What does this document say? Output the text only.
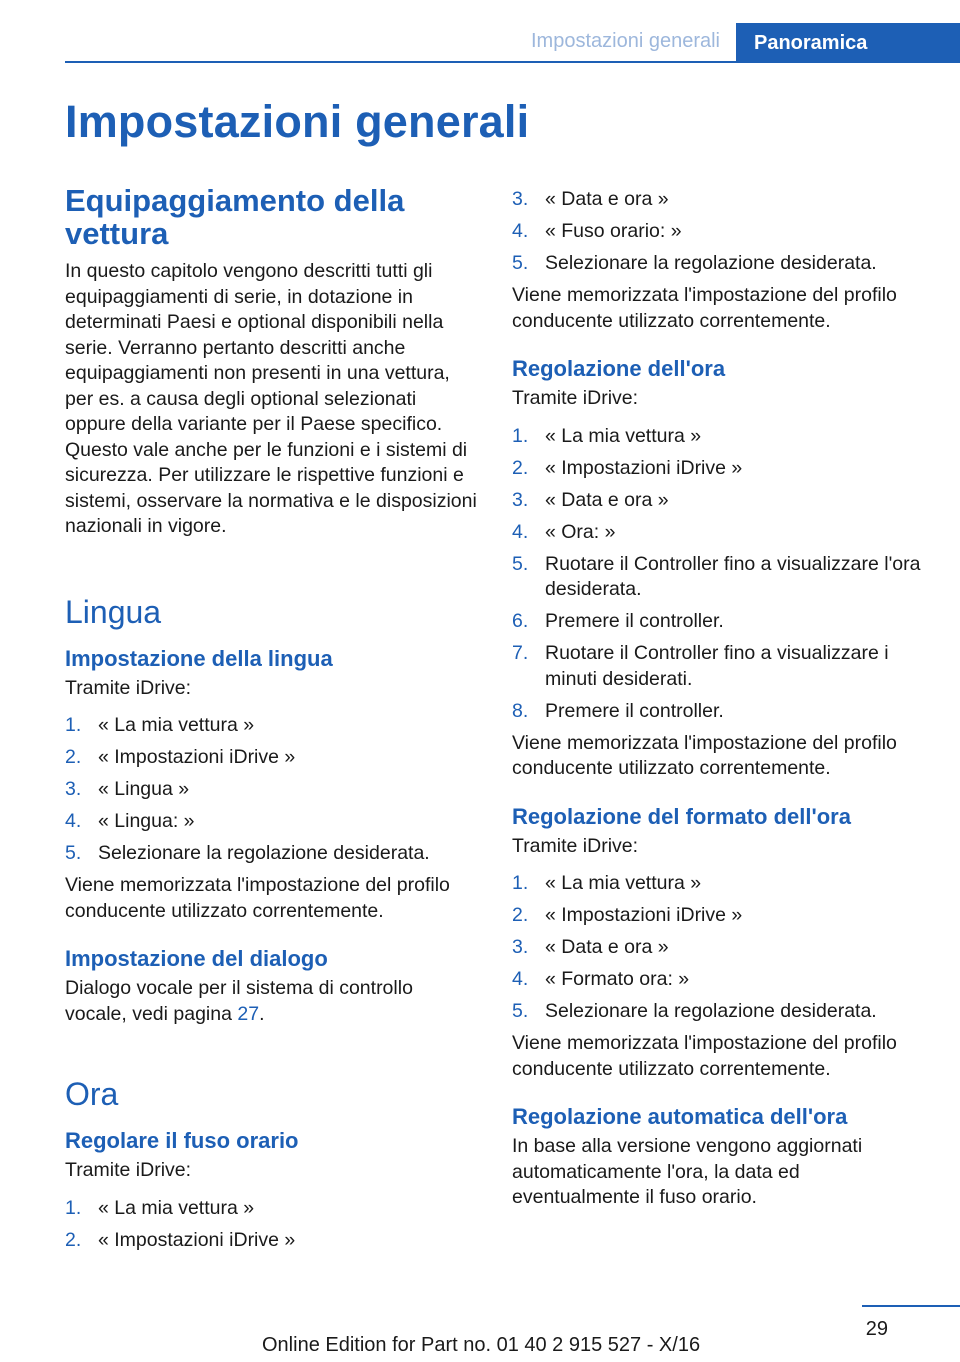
Impostazioni generali	Panoramica
Impostazioni generali
Equipaggiamento della vettura

In questo capitolo vengono descritti tutti gli equipaggiamenti di serie, in dotazione in determinati Paesi e optional disponibili nella serie. Verranno pertanto descritti anche equipaggiamenti non presenti in una vettura, per es. a causa degli optional selezionati oppure della variante per il Paese specifico. Questo vale anche per le funzioni e i sistemi di sicurezza. Per utilizzare le rispettive funzioni e sistemi, osservare la normativa e le disposizioni nazionali in vigore.

Lingua
Impostazione della lingua

Tramite iDrive:

1. « La mia vettura »
2. « Impostazioni iDrive »
3. « Lingua »
4. « Lingua: »
5. Selezionare la regolazione desiderata.

Viene memorizzata l'impostazione del profilo conducente utilizzato correntemente.

Impostazione del dialogo

Dialogo vocale per il sistema di controllo vocale, vedi pagina 27.

Ora
Regolare il fuso orario

Tramite iDrive:

1. « La mia vettura »
2. « Impostazioni iDrive »
3. « Data e ora »
4. « Fuso orario: »
5. Selezionare la regolazione desiderata.

Viene memorizzata l'impostazione del profilo conducente utilizzato correntemente.

Regolazione dell'ora

Tramite iDrive:

1. « La mia vettura »
2. « Impostazioni iDrive »
3. « Data e ora »
4. « Ora: »
5. Ruotare il Controller fino a visualizzare l'ora desiderata.
6. Premere il controller.
7. Ruotare il Controller fino a visualizzare i minuti desiderati.
8. Premere il controller.

Viene memorizzata l'impostazione del profilo conducente utilizzato correntemente.

Regolazione del formato dell'ora

Tramite iDrive:

1. « La mia vettura »
2. « Impostazioni iDrive »
3. « Data e ora »
4. « Formato ora: »
5. Selezionare la regolazione desiderata.

Viene memorizzata l'impostazione del profilo conducente utilizzato correntemente.

Regolazione automatica dell'ora

In base alla versione vengono aggiornati automaticamente l'ora, la data ed eventualmente il fuso orario.

29
Online Edition for Part no. 01 40 2 915 527 - X/16
